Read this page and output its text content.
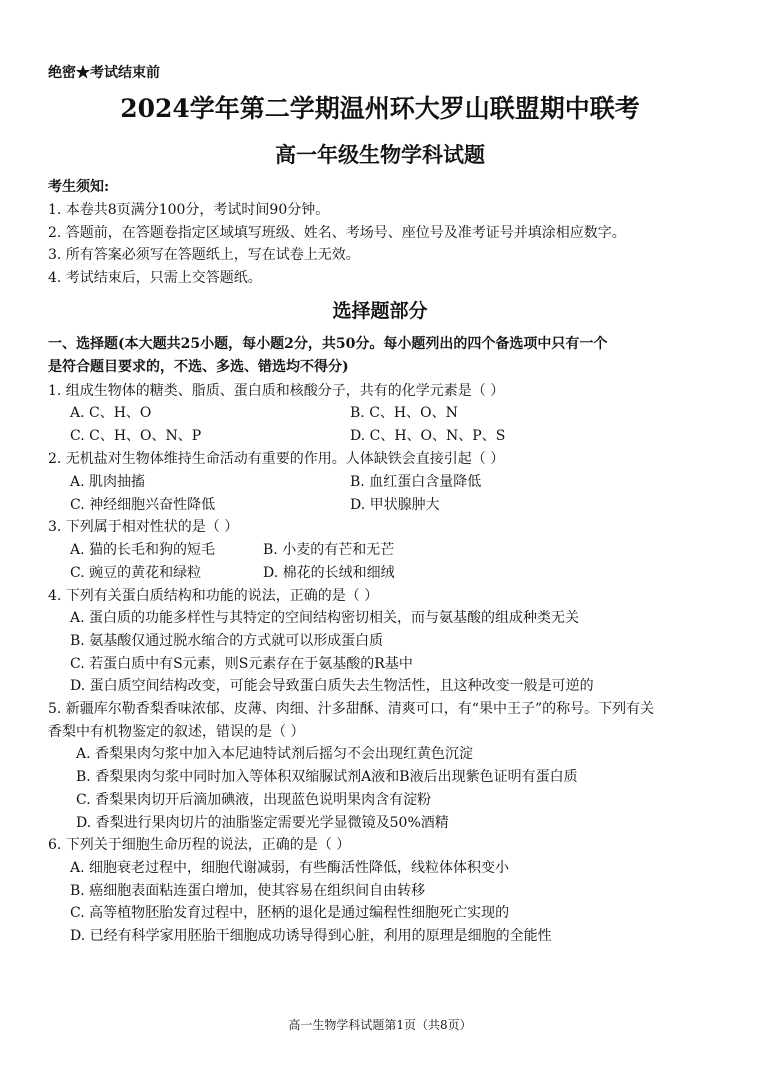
绝密★考试结束前
2024学年第二学期温州环大罗山联盟期中联考
高一年级生物学科试题
考生须知:
1. 本卷共8页满分100分，考试时间90分钟。
2. 答题前，在答题卷指定区域填写班级、姓名、考场号、座位号及准考证号并填涂相应数字。
3. 所有答案必须写在答题纸上，写在试卷上无效。
4. 考试结束后，只需上交答题纸。
选择题部分
一、选择题(本大题共25小题，每小题2分，共50分。每小题列出的四个备选项中只有一个
是符合题目要求的，不选、多选、错选均不得分)
1. 组成生物体的糖类、脂质、蛋白质和核酸分子，共有的化学元素是（ ）
A. C、H、O	B. C、H、O、N
C. C、H、O、N、P	D. C、H、O、N、P、S
2. 无机盐对生物体维持生命活动有重要的作用。人体缺铁会直接引起（ ）
A. 肌肉抽搐	B. 血红蛋白含量降低
C. 神经细胞兴奋性降低	D. 甲状腺肿大
3. 下列属于相对性状的是（ ）
A. 猫的长毛和狗的短毛	B. 小麦的有芒和无芒
C. 豌豆的黄花和绿粒	D. 棉花的长绒和细绒
4. 下列有关蛋白质结构和功能的说法，正确的是（ ）
A. 蛋白质的功能多样性与其特定的空间结构密切相关，而与氨基酸的组成种类无关
B. 氨基酸仅通过脱水缩合的方式就可以形成蛋白质
C. 若蛋白质中有S元素，则S元素存在于氨基酸的R基中
D. 蛋白质空间结构改变，可能会导致蛋白质失去生物活性，且这种改变一般是可逆的
5. 新疆库尔勒香梨香味浓郁、皮薄、肉细、汁多甜酥、清爽可口，有“果中王子”的称号。下列有关
香梨中有机物鉴定的叙述，错误的是（ ）
A. 香梨果肉匀浆中加入本尼迪特试剂后摇匀不会出现红黄色沉淀
B. 香梨果肉匀浆中同时加入等体积双缩脲试剂A液和B液后出现紫色证明有蛋白质
C. 香梨果肉切开后滴加碘液，出现蓝色说明果肉含有淀粉
D. 香梨进行果肉切片的油脂鉴定需要光学显微镜及50%酒精
6. 下列关于细胞生命历程的说法，正确的是（ ）
A. 细胞衰老过程中，细胞代谢减弱，有些酶活性降低，线粒体体积变小
B. 癌细胞表面粘连蛋白增加，使其容易在组织间自由转移
C. 高等植物胚胎发育过程中，胚柄的退化是通过编程性细胞死亡实现的
D. 已经有科学家用胚胎干细胞成功诱导得到心脏，利用的原理是细胞的全能性
高一生物学科试题第1页（共8页）
